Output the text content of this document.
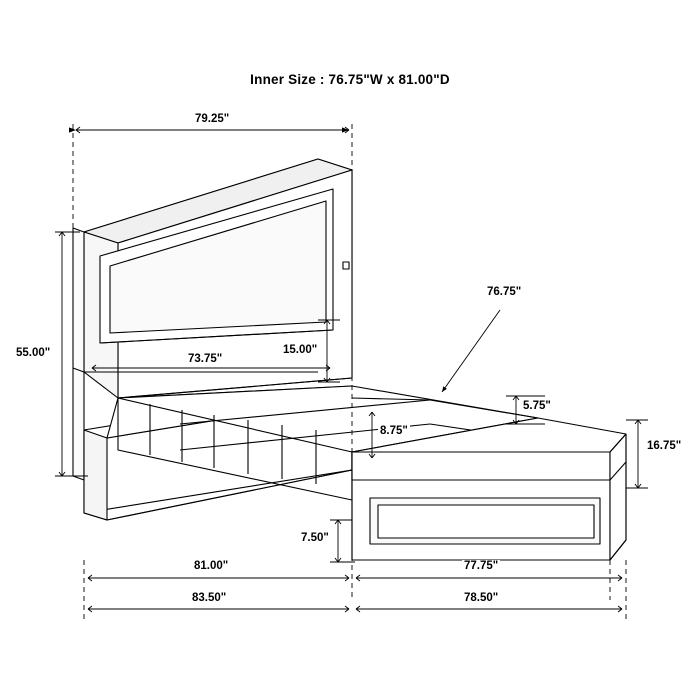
Inner Size : 76.75"W x 81.00"D
79.25"
55.00"	73.75"
15.00"
76.75"
5.75"
16.75"
8.75"
7.50"
81.00"	77.75"
83.50"	78.50"
